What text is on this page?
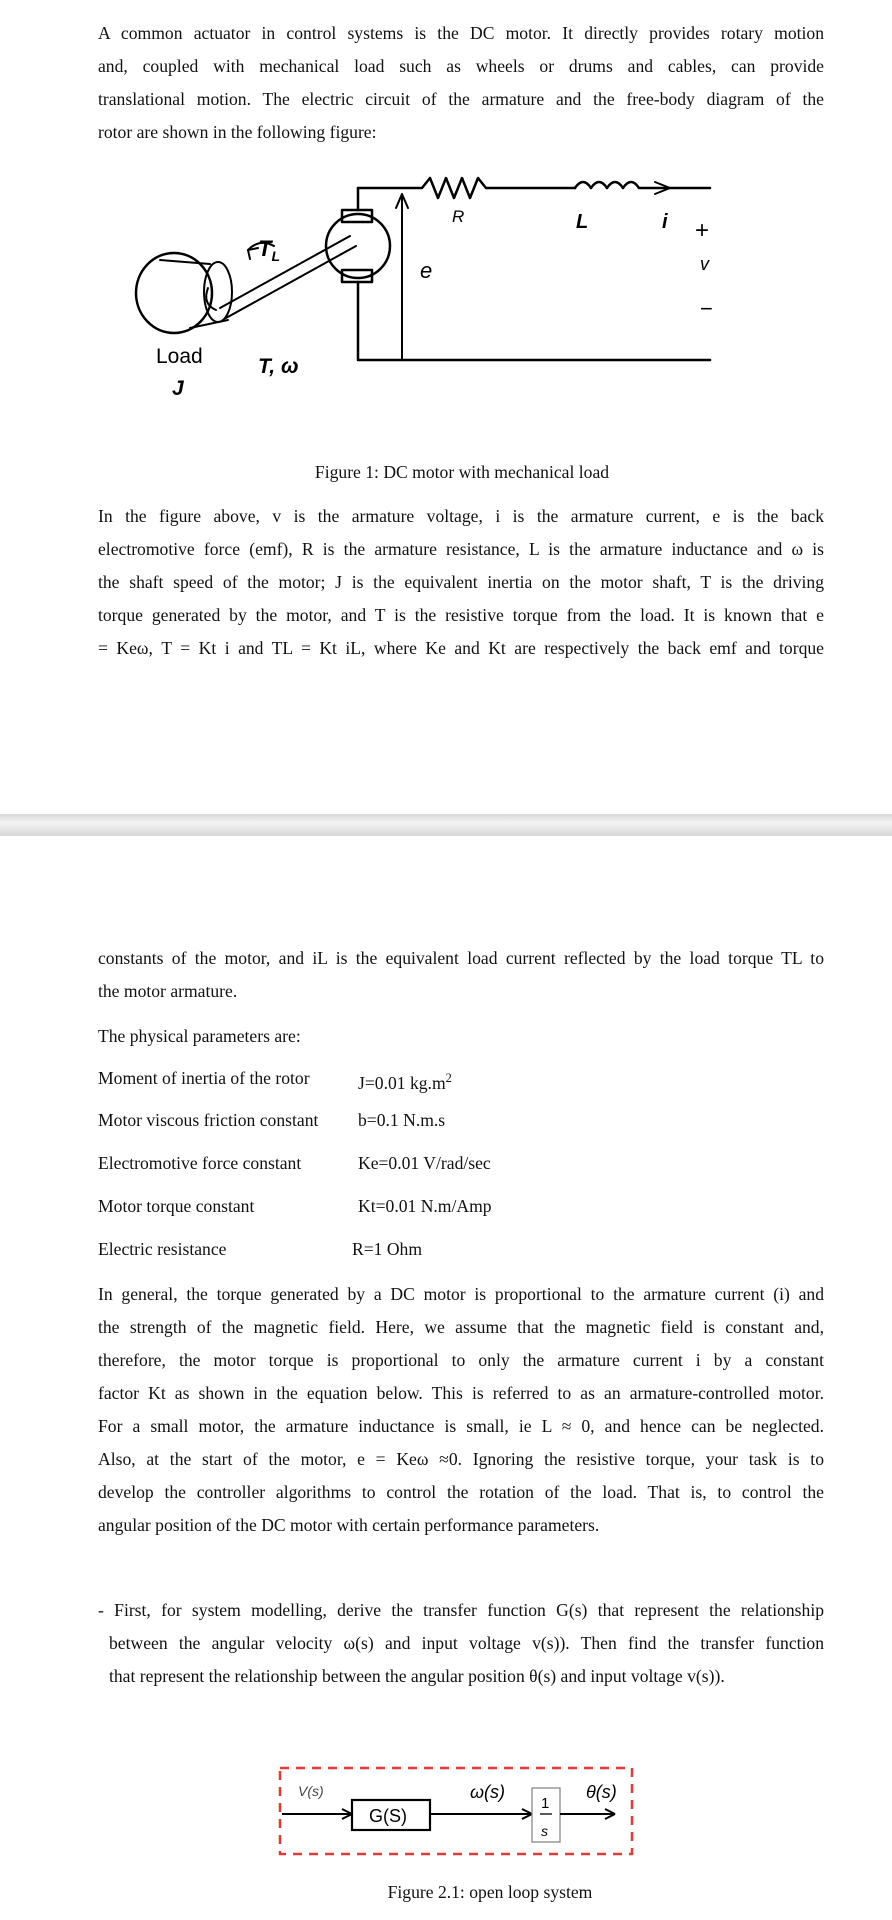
A common actuator in control systems is the DC motor. It directly provides rotary motion
and, coupled with mechanical load such as wheels or drums and cables, can provide
translational motion. The electric circuit of the armature and the free-body diagram of the
rotor are shown in the following figure:
R	L	i +
v
−
e
$T_L$
T, ω
Load
J
Figure 1: DC motor with mechanical load
In the figure above, v is the armature voltage, i is the armature current, e is the back
electromotive force (emf), R is the armature resistance, L is the armature inductance and ω is
the shaft speed of the motor; J is the equivalent inertia on the motor shaft, T is the driving
torque generated by the motor, and T is the resistive torque from the load. It is known that e
= Keω, T = Kt i and TL = Kt iL, where Ke and Kt are respectively the back emf and torque
constants of the motor, and iL is the equivalent load current reflected by the load torque TL to
the motor armature.
The physical parameters are:
Moment of inertia of the rotor	J=0.01 $kg.m^2$
Motor viscous friction constant b=0.1 N.m.s
Electromotive force constant	Ke=0.01 V/rad/sec
Motor torque constant	Kt=0.01 N.m/Amp
Electric resistance	R=1 Ohm
In general, the torque generated by a DC motor is proportional to the armature current (i) and
the strength of the magnetic field. Here, we assume that the magnetic field is constant and,
therefore, the motor torque is proportional to only the armature current i by a constant
factor Kt as shown in the equation below. This is referred to as an armature-controlled motor.
For a small motor, the armature inductance is small, ie L ≈ 0, and hence can be neglected.
Also, at the start of the motor, e = Keω ≈0. Ignoring the resistive torque, your task is to
develop the controller algorithms to control the rotation of the load. That is, to control the
angular position of the DC motor with certain performance parameters.
- First, for system modelling, derive the transfer function G(s) that represent the relationship
between the angular velocity ω(s) and input voltage v(s)). Then find the transfer function
that represent the relationship between the angular position θ(s) and input voltage v(s)).
V(s)
G(S)
ω(s)
1
s
θ(s)
Figure 2.1: open loop system
